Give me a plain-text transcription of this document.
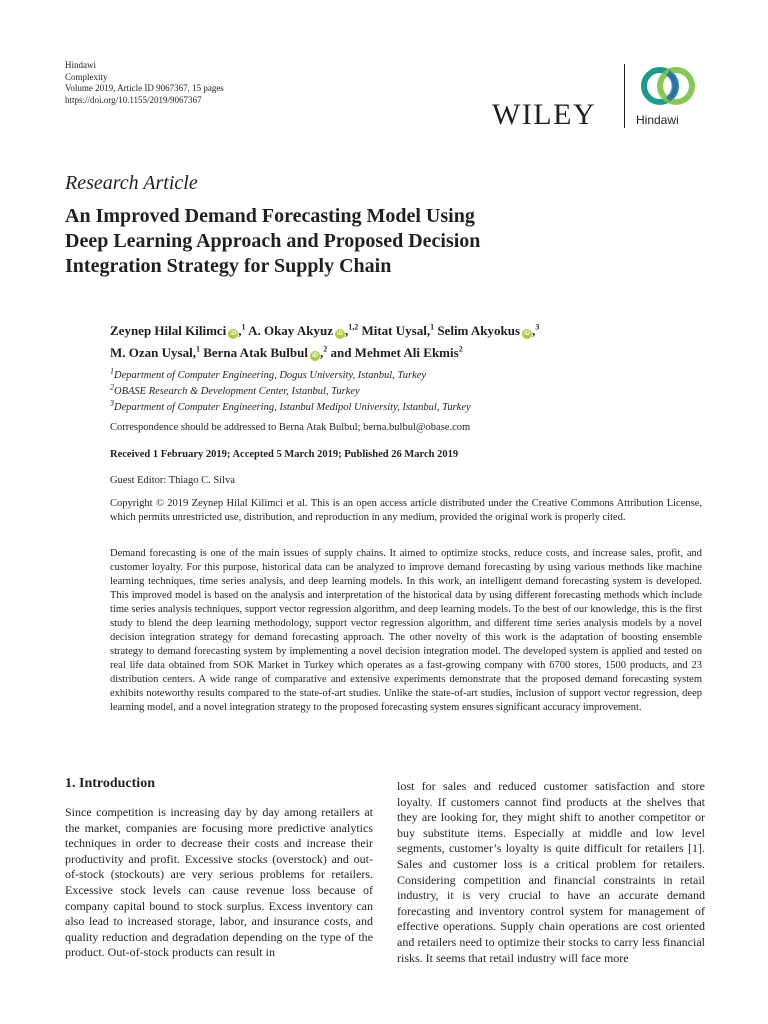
Hindawi
Complexity
Volume 2019, Article ID 9067367, 15 pages
https://doi.org/10.1155/2019/9067367	WILEY	Hindawi
Research Article
An Improved Demand Forecasting Model Using
Deep Learning Approach and Proposed Decision
Integration Strategy for Supply Chain
Zeynep Hilal Kilimci iD ,$^1$ A. Okay Akyuz iD ,$^{1,2}$ Mitat Uysal,$^1$ Selim Akyokus iD ,$^3$
M. Ozan Uysal,$^1$ Berna Atak Bulbul iD ,$^2$ and Mehmet Ali Ekmis$^2$
$^1$Department of Computer Engineering, Dogus University, Istanbul, Turkey
$^2$OBASE Research & Development Center, Istanbul, Turkey
$^3$Department of Computer Engineering, Istanbul Medipol University, Istanbul, Turkey
Correspondence should be addressed to Berna Atak Bulbul; berna.bulbul@obase.com
Received 1 February 2019; Accepted 5 March 2019; Published 26 March 2019
Guest Editor: Thiago C. Silva
Copyright © 2019 Zeynep Hilal Kilimci et al. This is an open access article distributed under the Creative Commons Attribution License, which permits unrestricted use, distribution, and reproduction in any medium, provided the original work is properly cited.
Demand forecasting is one of the main issues of supply chains. It aimed to optimize stocks, reduce costs, and increase sales, profit, and customer loyalty. For this purpose, historical data can be analyzed to improve demand forecasting by using various methods like machine learning techniques, time series analysis, and deep learning models. In this work, an intelligent demand forecasting system is developed. This improved model is based on the analysis and interpretation of the historical data by using different forecasting methods which include time series analysis techniques, support vector regression algorithm, and deep learning models. To the best of our knowledge, this is the first study to blend the deep learning methodology, support vector regression algorithm, and different time series analysis models by a novel decision integration strategy for demand forecasting approach. The other novelty of this work is the adaptation of boosting ensemble strategy to demand forecasting system by implementing a novel decision integration model. The developed system is applied and tested on real life data obtained from SOK Market in Turkey which operates as a fast-growing company with 6700 stores, 1500 products, and 23 distribution centers. A wide range of comparative and extensive experiments demonstrate that the proposed demand forecasting system exhibits noteworthy results compared to the state-of-art studies. Unlike the state-of-art studies, inclusion of support vector regression, deep learning model, and a novel integration strategy to the proposed forecasting system ensures significant accuracy improvement.
1. Introduction
Since competition is increasing day by day among retailers at the market, companies are focusing more predictive analytics techniques in order to decrease their costs and increase their productivity and profit. Excessive stocks (overstock) and out-of-stock (stockouts) are very serious problems for retailers. Excessive stock levels can cause revenue loss because of company capital bound to stock surplus. Excess inventory can also lead to increased storage, labor, and insurance costs, and quality reduction and degradation depending on the type of the product. Out-of-stock products can result in
lost for sales and reduced customer satisfaction and store loyalty. If customers cannot find products at the shelves that they are looking for, they might shift to another competitor or buy substitute items. Especially at middle and low level segments, customer’s loyalty is quite difficult for retailers [1]. Sales and customer loss is a critical problem for retailers. Considering competition and financial constraints in retail industry, it is very crucial to have an accurate demand forecasting and inventory control system for management of effective operations. Supply chain operations are cost oriented and retailers need to optimize their stocks to carry less financial risks. It seems that retail industry will face more
